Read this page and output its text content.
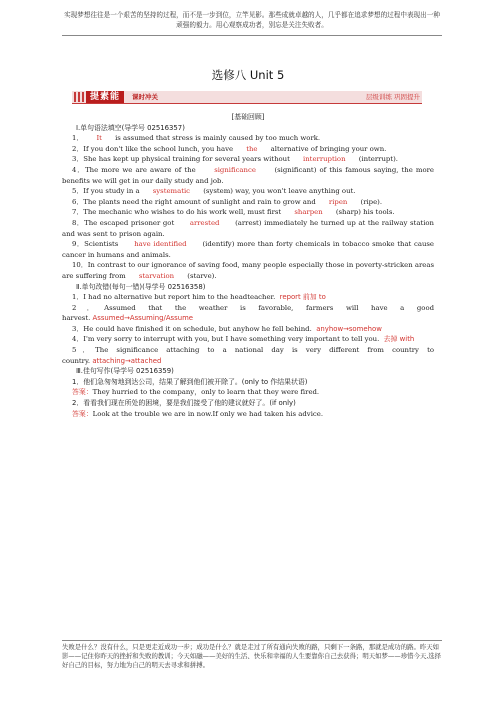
实现梦想往往是一个艰苦的坚持的过程，而不是一步到位，立竿见影。那些成就卓越的人，几乎都在追求梦想的过程中表现出一种顽强的毅力。用心观察成功者，别忘是关注失败者。
选修八 Unit 5
提素能	课时冲关	层级训练 巩固提升

[基础回顾]

Ⅰ.单句语法填空(导学号 02516357)

1． It is assumed that stress is mainly caused by too much work.

2．If you don't like the school lunch, you have the alternative of bringing your own.

3．She has kept up physical training for several years without interruption (interrupt).

4．The more we are aware of the	significance	(significant) of this famous saying, the more benefits we will get in our daily study and job.

5．If you study in a systematic (system) way, you won't leave anything out.

6．The plants need the right amount of sunlight and rain to grow and ripen (ripe).

7．The mechanic who wishes to do his work well, must first sharpen (sharp) his tools.

8．The escaped prisoner got arrested (arrest) immediately he turned up at the railway station and was sent to prison again.

9．Scientists have identified (identify) more than forty chemicals in tobacco smoke that cause cancer in humans and animals.

10．In contrast to our ignorance of saving food, many people especially those in poverty-stricken areas are suffering from starvation (starve).

Ⅱ.单句改错(每句一错)(导学号 02516358)

1．I had no alternative but report him to the headteacher. report 前加 to

2．Assumed that the weather is favorable, farmers will have a good harvest. Assumed→Assuming/Assume

3．He could have finished it on schedule, but anyhow he fell behind. anyhow→somehow

4．I'm very sorry to interrupt with you, but I have something very important to tell you. 去掉 with

5．The significance attaching to a national day is very different from country to country. attaching→attached

Ⅲ.佳句写作(导学号 02516359)

1．他们急匆匆地到达公司，结果了解到他们被开除了。(only to 作结果状语)

答案：They hurried to the company，only to learn that they were fired.

2．看看我们现在所处的困境，要是我们接受了他的建议就好了。(if only)

答案：Look at the trouble we are in now.If only we had taken his advice.

失败是什么？没有什么，只是更走近成功一步；成功是什么？就是走过了所有通向失败的路，只剩下一条路，那就是成功的路。昨天如影——记住你昨天的挫折和失败的教训；今天如融——美好的生活、快乐和幸福的人生要靠你自己去获得；明天如梦——珍惜今天,选择好自己的目标，努力地为自己的明天去寻求和拼搏。
